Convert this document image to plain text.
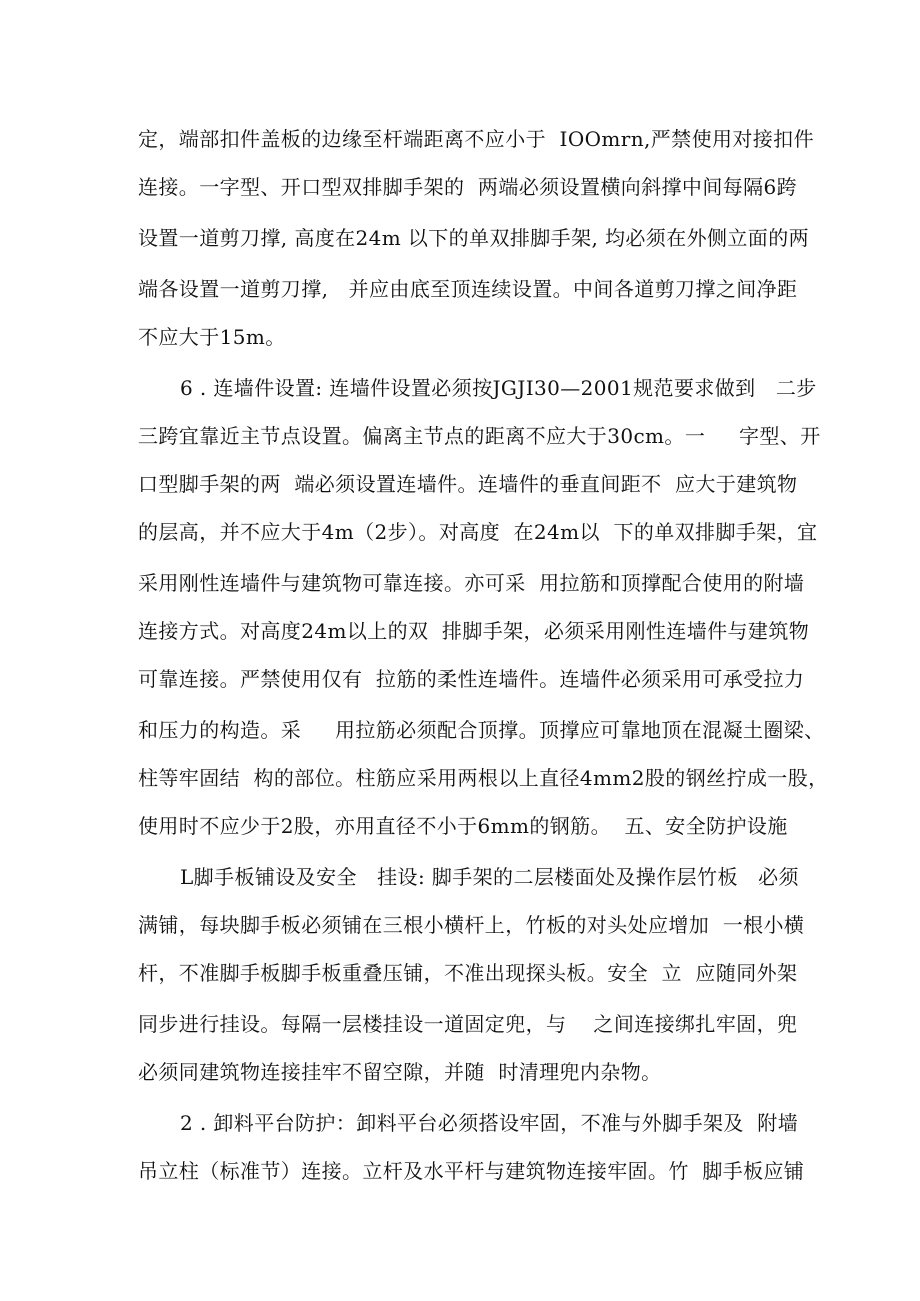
定，端部扣件盖板的边缘至杆端距离不应小于  IOOmrn,严禁使用对接扣件
连接。一字型、开口型双排脚手架的  两端必须设置横向斜撑中间每隔6跨
设置一道剪刀撑, 高度在24m 以下的单双排脚手架, 均必须在外侧立面的两
端各设置一道剪刀撑,   并应由底至顶连续设置。中间各道剪刀撑之间净距
不应大于15m。
6 . 连墙件设置: 连墙件设置必须按JGJI30—2001规范要求做到   二步
三跨宜靠近主节点设置。偏离主节点的距离不应大于30cm。一     字型、开
口型脚手架的两  端必须设置连墙件。连墙件的垂直间距不  应大于建筑物
的层高，并不应大于4m（2步）。对高度  在24m以  下的单双排脚手架，宜
采用刚性连墙件与建筑物可靠连接。亦可采  用拉筋和顶撑配合使用的附墙
连接方式。对高度24m以上的双  排脚手架，必须采用刚性连墙件与建筑物
可靠连接。严禁使用仅有  拉筋的柔性连墙件。连墙件必须采用可承受拉力
和压力的构造。采     用拉筋必须配合顶撑。顶撑应可靠地顶在混凝土圈梁、
柱等牢固结  构的部位。柱筋应采用两根以上直径4mm2股的钢丝拧成一股，
使用时不应少于2股，亦用直径不小于6mm的钢筋。  五、安全防护设施
L脚手板铺设及安全   挂设: 脚手架的二层楼面处及操作层竹板   必须
满铺，每块脚手板必须铺在三根小横杆上，竹板的对头处应增加  一根小横
杆，不准脚手板脚手板重叠压铺，不准出现探头板。安全  立  应随同外架
同步进行挂设。每隔一层楼挂设一道固定兜，与    之间连接绑扎牢固，兜
必须同建筑物连接挂牢不留空隙，并随  时清理兜内杂物。
2 . 卸料平台防护：卸料平台必须搭设牢固，不准与外脚手架及  附墙
吊立柱（标准节）连接。立杆及水平杆与建筑物连接牢固。竹  脚手板应铺
